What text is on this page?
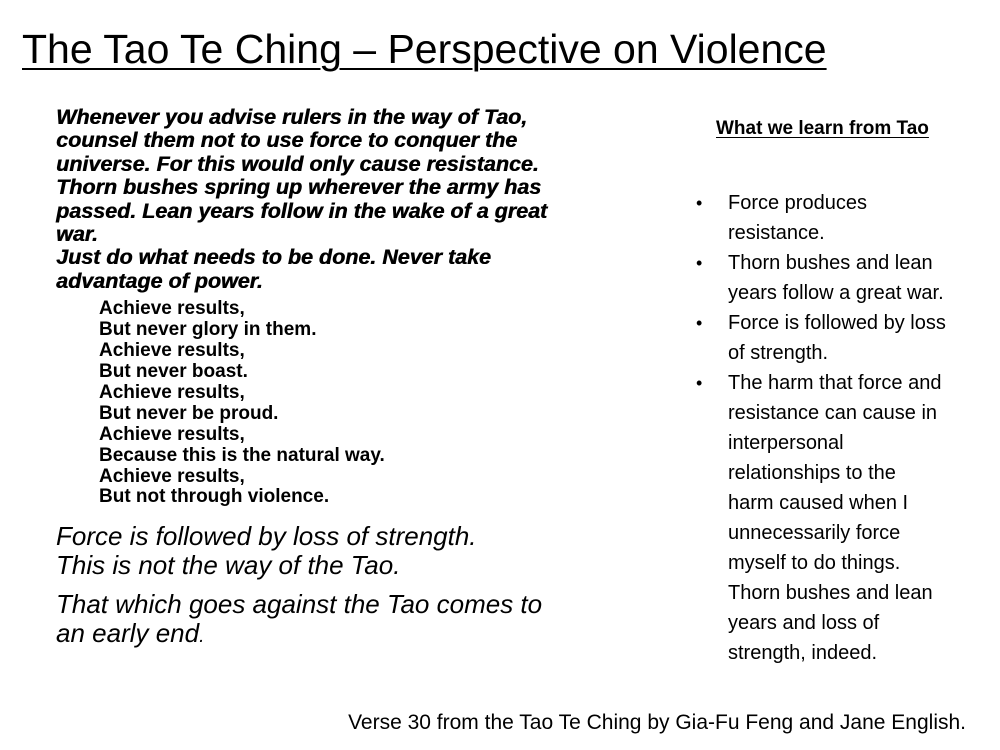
The Tao Te Ching – Perspective on Violence
Whenever you advise rulers in the way of Tao,
counsel them not to use force to conquer the
universe. For this would only cause resistance.
Thorn bushes spring up wherever the army has
passed. Lean years follow in the wake of a great
war.
Just do what needs to be done. Never take
advantage of power.
Achieve results,
But never glory in them.
Achieve results,
But never boast.
Achieve results,
But never be proud.
Achieve results,
Because this is the natural way.
Achieve results,
But not through violence.
Force is followed by loss of strength.
This is not the way of the Tao.
That which goes against the Tao comes to
an early end.
What we learn from Tao
• Force produces
resistance.
• Thorn bushes and lean
years follow a great war.
• Force is followed by loss
of strength.
• The harm that force and
resistance can cause in
interpersonal
relationships to the
harm caused when I
unnecessarily force
myself to do things.
Thorn bushes and lean
years and loss of
strength, indeed.
Verse 30 from the Tao Te Ching by Gia-Fu Feng and Jane English.
